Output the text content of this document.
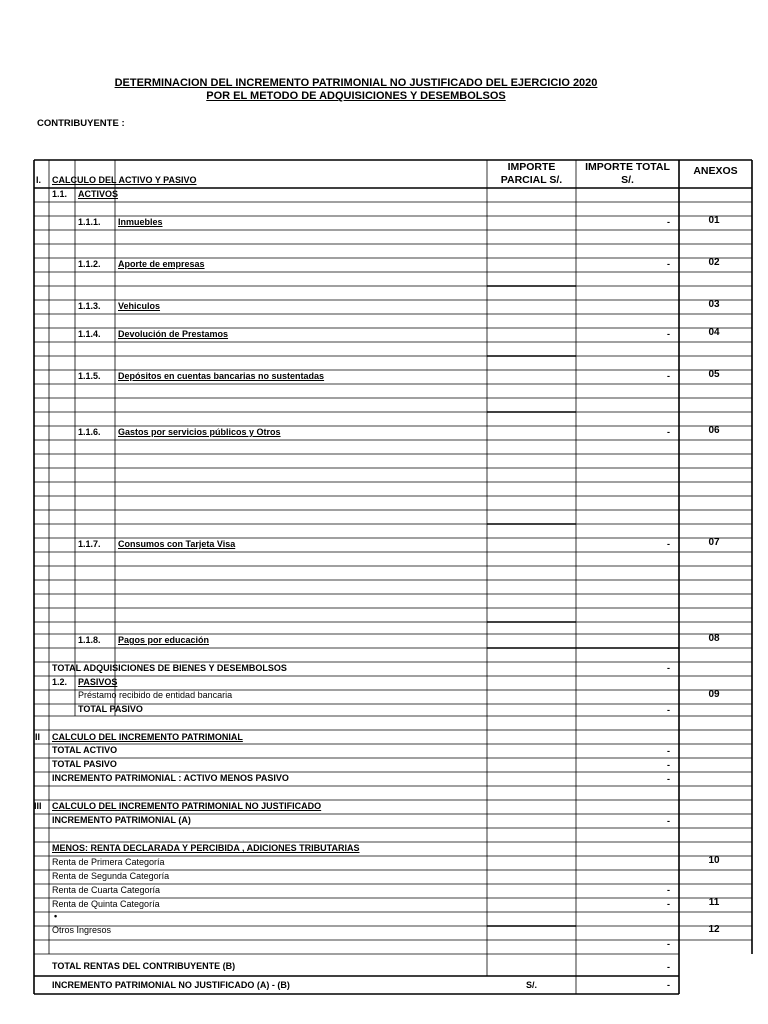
DETERMINACION DEL INCREMENTO PATRIMONIAL NO JUSTIFICADO DEL EJERCICIO 2020
POR EL METODO DE ADQUISICIONES Y DESEMBOLSOS
CONTRIBUYENTE :
IMPORTE
PARCIAL S/.
IMPORTE TOTAL
S/.
ANEXOS
I. CALCULO DEL ACTIVO Y PASIVO
1.1. ACTIVOS
1.1.1. Inmuebles	-	01
1.1.2. Aporte de empresas	-	02
1.1.3. Vehiculos	03
1.1.4. Devolución de Prestamos	-	04
1.1.5. Depósitos en cuentas bancarias no sustentadas	-	05
1.1.6. Gastos por servicios públicos y Otros	-	06
1.1.7. Consumos con Tarjeta Visa	-	07
1.1.8. Pagos por educación	08
TOTAL ADQUISICIONES DE BIENES Y DESEMBOLSOS	-
1.2. PASIVOS
Préstamo recibido de entidad bancaria	09
TOTAL PASIVO	-
II CALCULO DEL INCREMENTO PATRIMONIAL
TOTAL ACTIVO	-
TOTAL PASIVO	-
INCREMENTO PATRIMONIAL : ACTIVO MENOS PASIVO	-
III CALCULO DEL INCREMENTO PATRIMONIAL NO JUSTIFICADO
INCREMENTO PATRIMONIAL (A)	-
MENOS: RENTA DECLARADA Y PERCIBIDA , ADICIONES TRIBUTARIAS
Renta de Primera Categoría	10
Renta de Segunda Categoría
Renta de Cuarta Categoría	-
Renta de Quinta Categoría	-	11
•
Otros Ingresos	12
-
TOTAL RENTAS DEL CONTRIBUYENTE (B)	-
INCREMENTO PATRIMONIAL NO JUSTIFICADO (A) - (B)	S/.	-
